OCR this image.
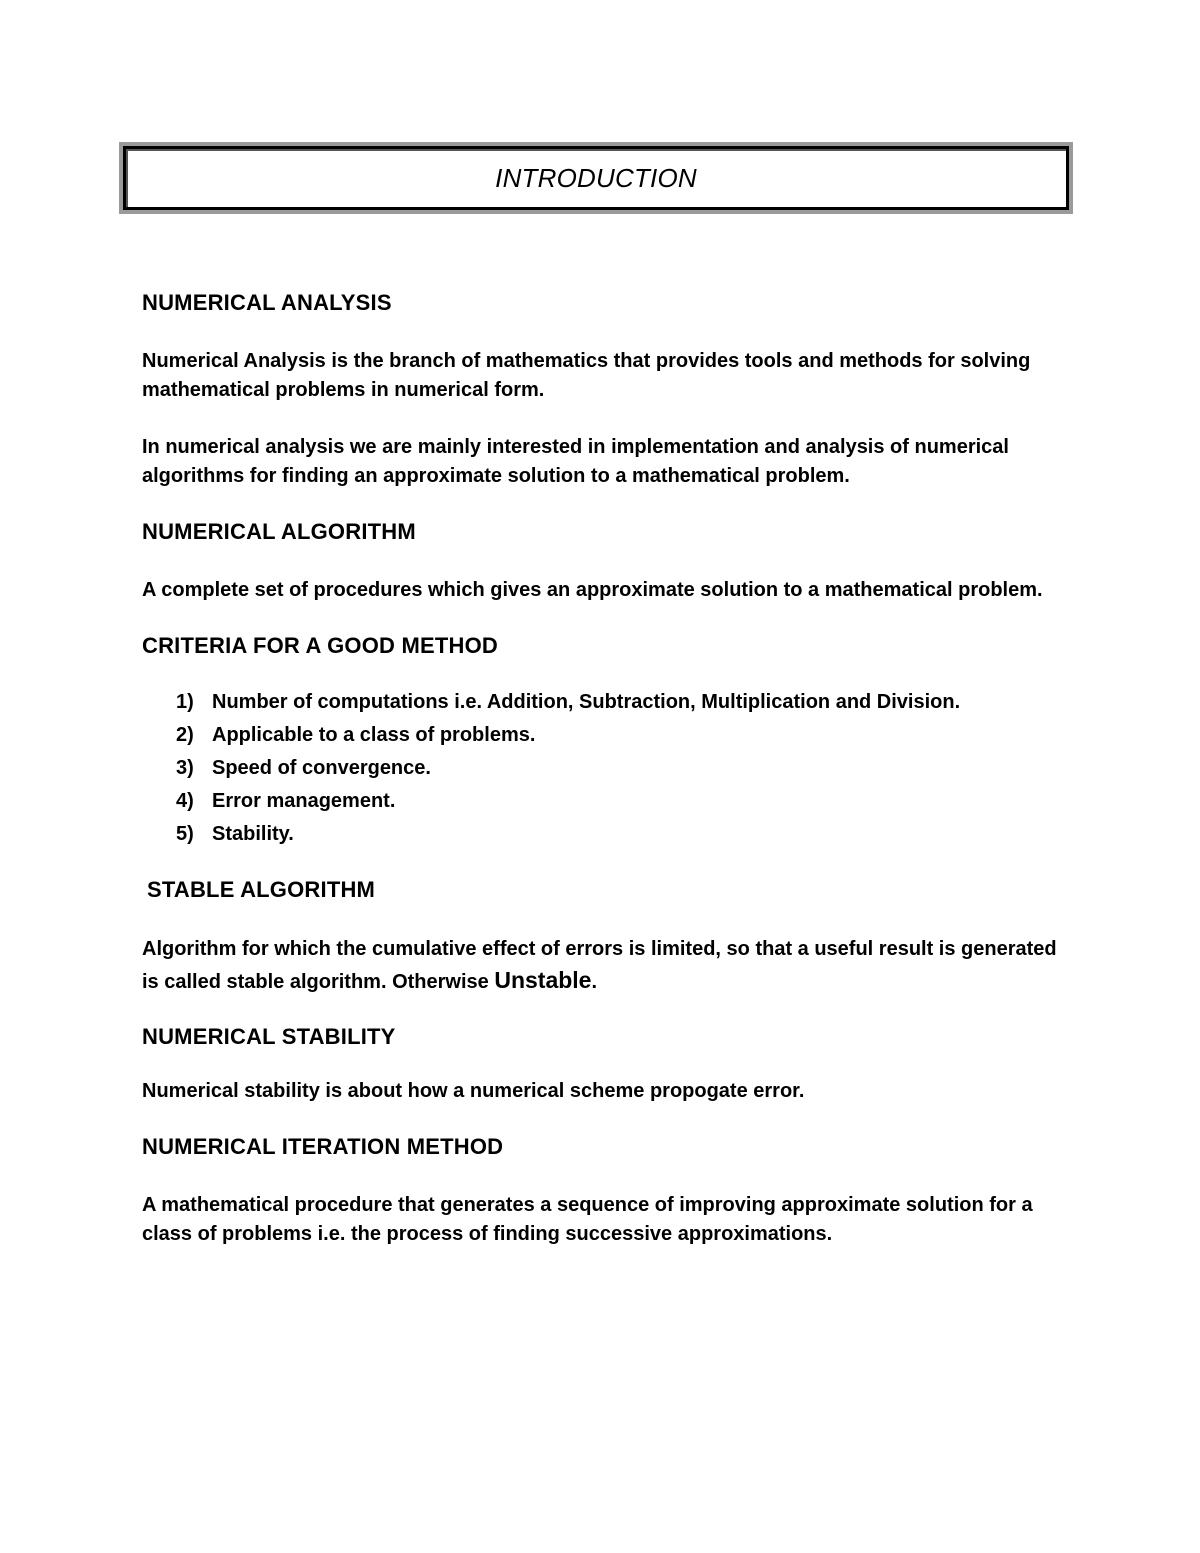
INTRODUCTION
NUMERICAL ANALYSIS

Numerical Analysis is the branch of mathematics that provides tools and methods for solving mathematical problems in numerical form.

In numerical analysis we are mainly interested in implementation and analysis of numerical algorithms for finding an approximate solution to a mathematical problem.

NUMERICAL ALGORITHM

A complete set of procedures which gives an approximate solution to a mathematical problem.

CRITERIA FOR A GOOD METHOD
1) Number of computations i.e. Addition, Subtraction, Multiplication and Division.
2) Applicable to a class of problems.
3) Speed of convergence.
4) Error management.
5) Stability.
STABLE ALGORITHM

Algorithm for which the cumulative effect of errors is limited, so that a useful result is generated is called stable algorithm. Otherwise Unstable.

NUMERICAL STABILITY

Numerical stability is about how a numerical scheme propogate error.

NUMERICAL ITERATION METHOD

A mathematical procedure that generates a sequence of improving approximate solution for a class of problems i.e. the process of finding successive approximations.
